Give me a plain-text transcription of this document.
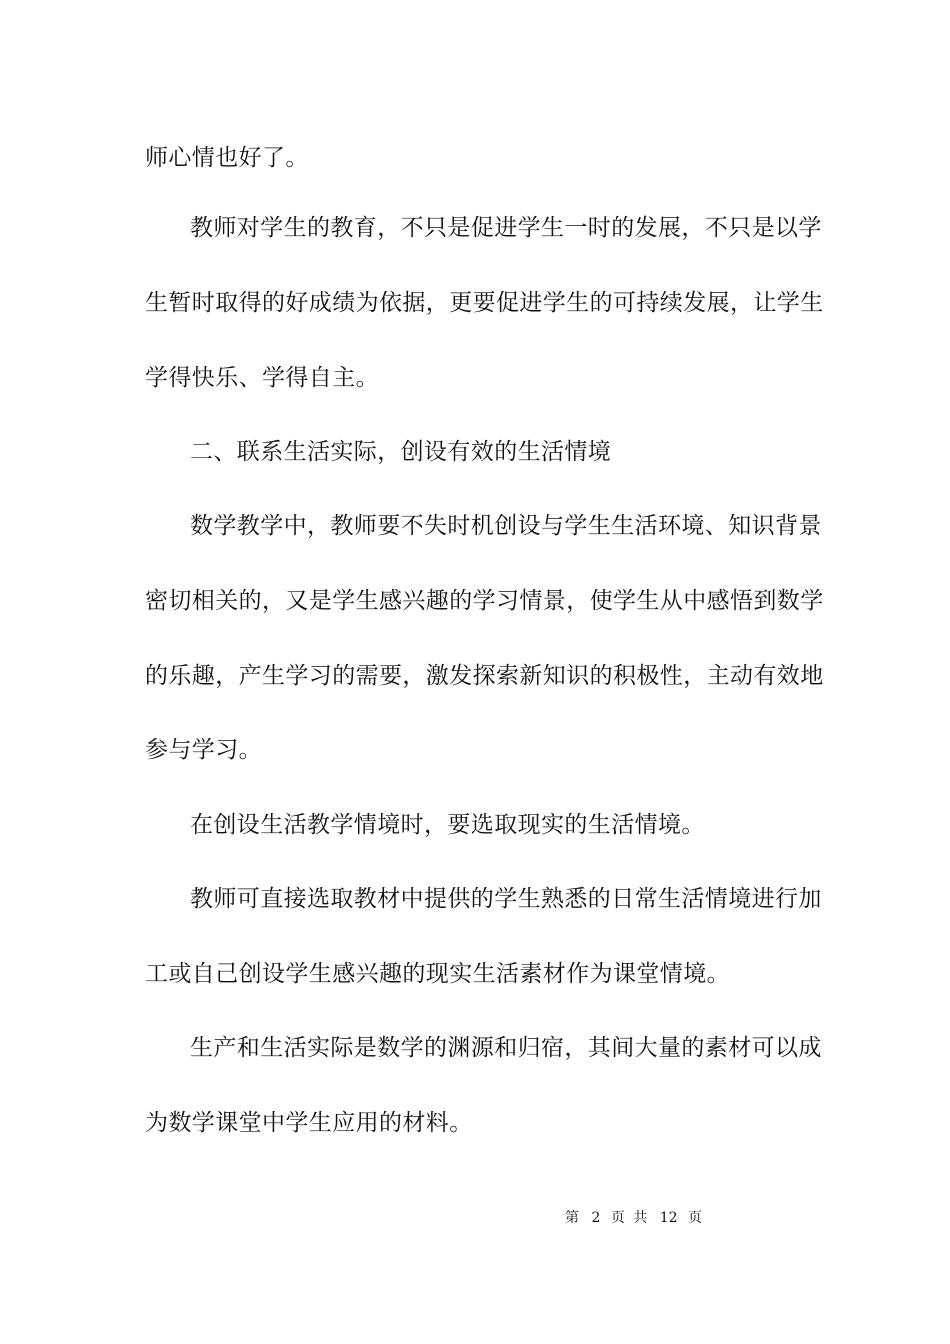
师心情也好了。
教师对学生的教育，不只是促进学生一时的发展，不只是以学
生暂时取得的好成绩为依据，更要促进学生的可持续发展，让学生
学得快乐、学得自主。
二、联系生活实际，创设有效的生活情境
数学教学中，教师要不失时机创设与学生生活环境、知识背景
密切相关的，又是学生感兴趣的学习情景，使学生从中感悟到数学
的乐趣，产生学习的需要，激发探索新知识的积极性，主动有效地
参与学习。
在创设生活教学情境时，要选取现实的生活情境。
教师可直接选取教材中提供的学生熟悉的日常生活情境进行加
工或自己创设学生感兴趣的现实生活素材作为课堂情境。
生产和生活实际是数学的渊源和归宿，其间大量的素材可以成
为数学课堂中学生应用的材料。
第 2 页 共 12 页
